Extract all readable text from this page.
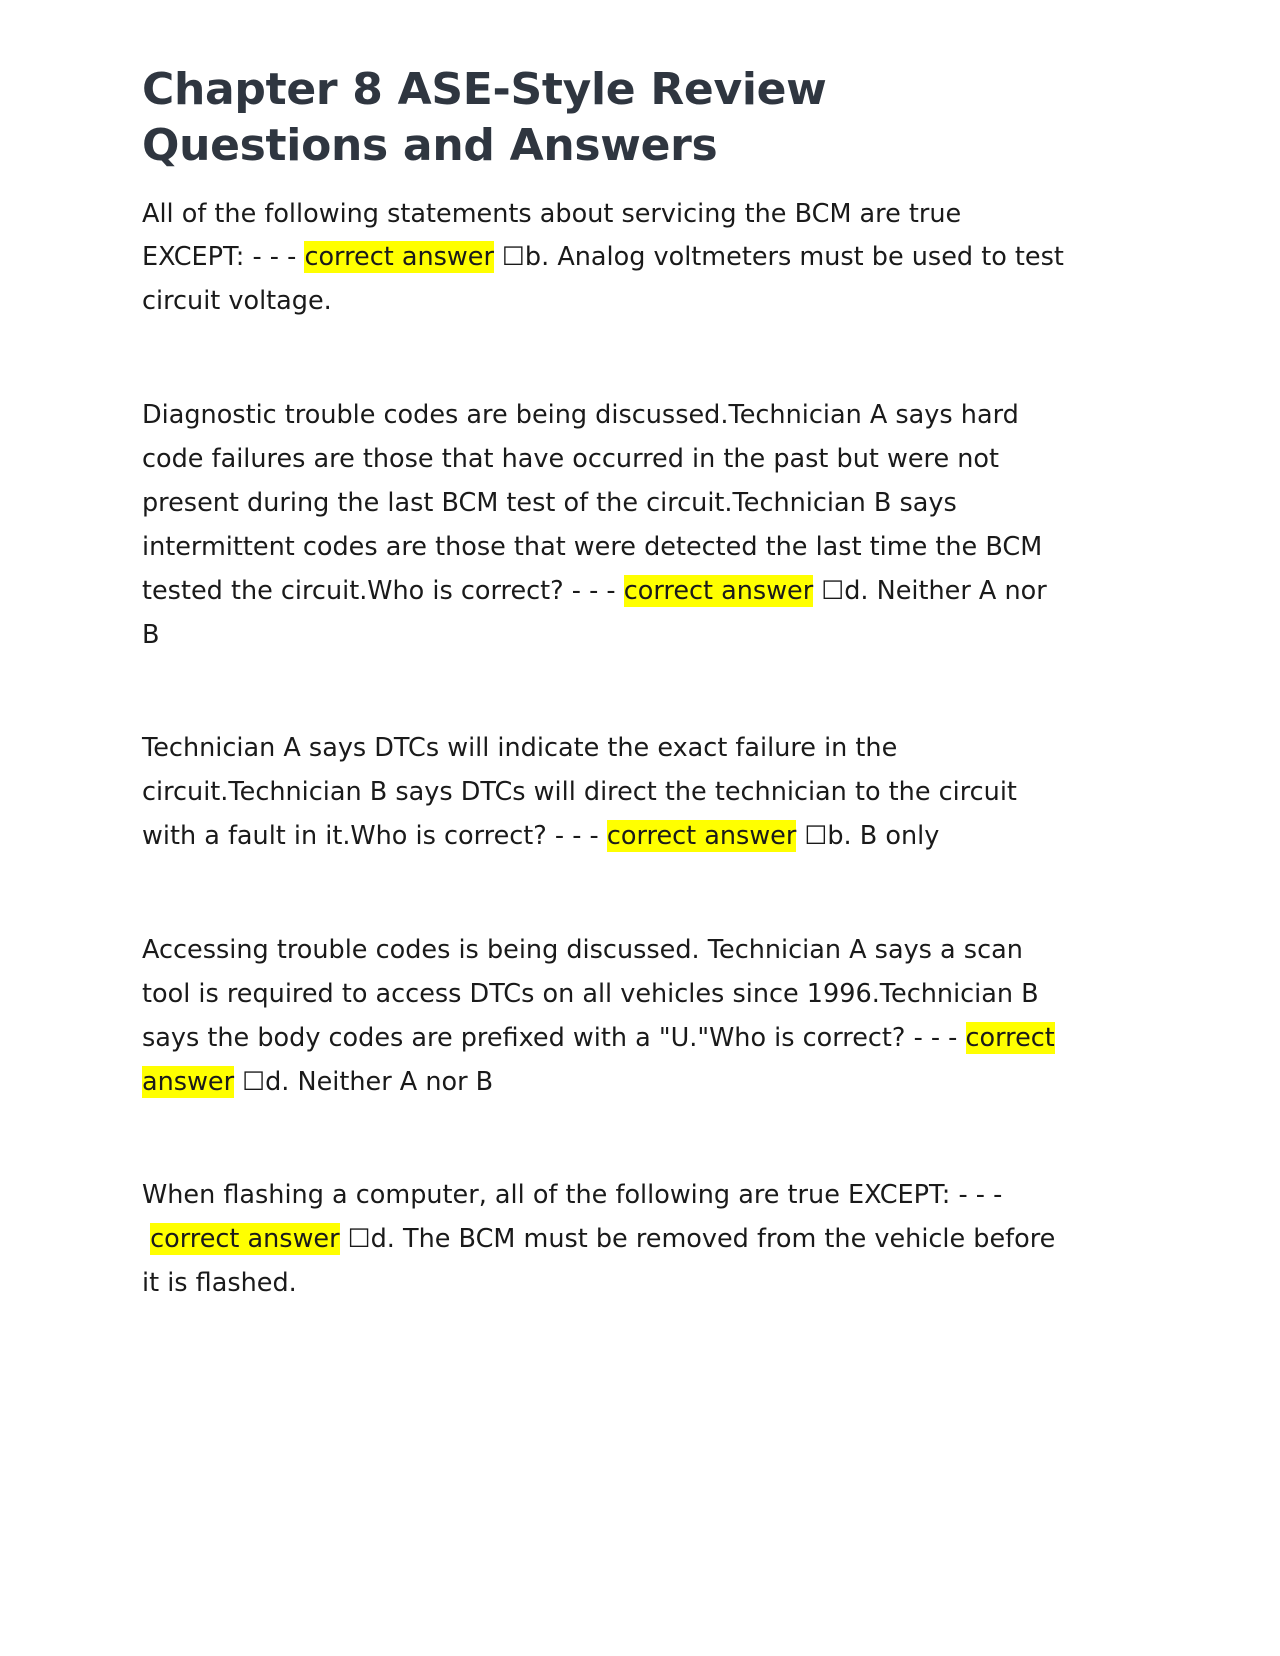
Chapter 8 ASE-Style Review Questions and Answers

All of the following statements about servicing the BCM are true EXCEPT: - - - correct answer ☐b. Analog voltmeters must be used to test circuit voltage.

Diagnostic trouble codes are being discussed.Technician A says hard code failures are those that have occurred in the past but were not present during the last BCM test of the circuit.Technician B says intermittent codes are those that were detected the last time the BCM tested the circuit.Who is correct? - - - correct answer ☐d. Neither A nor B

Technician A says DTCs will indicate the exact failure in the circuit.Technician B says DTCs will direct the technician to the circuit with a fault in it.Who is correct? - - - correct answer ☐b. B only

Accessing trouble codes is being discussed. Technician A says a scan tool is required to access DTCs on all vehicles since 1996.Technician B says the body codes are prefixed with a "U."Who is correct? - - - correct answer ☐d. Neither A nor B

When flashing a computer, all of the following are true EXCEPT: - - - correct answer ☐d. The BCM must be removed from the vehicle before it is flashed.
